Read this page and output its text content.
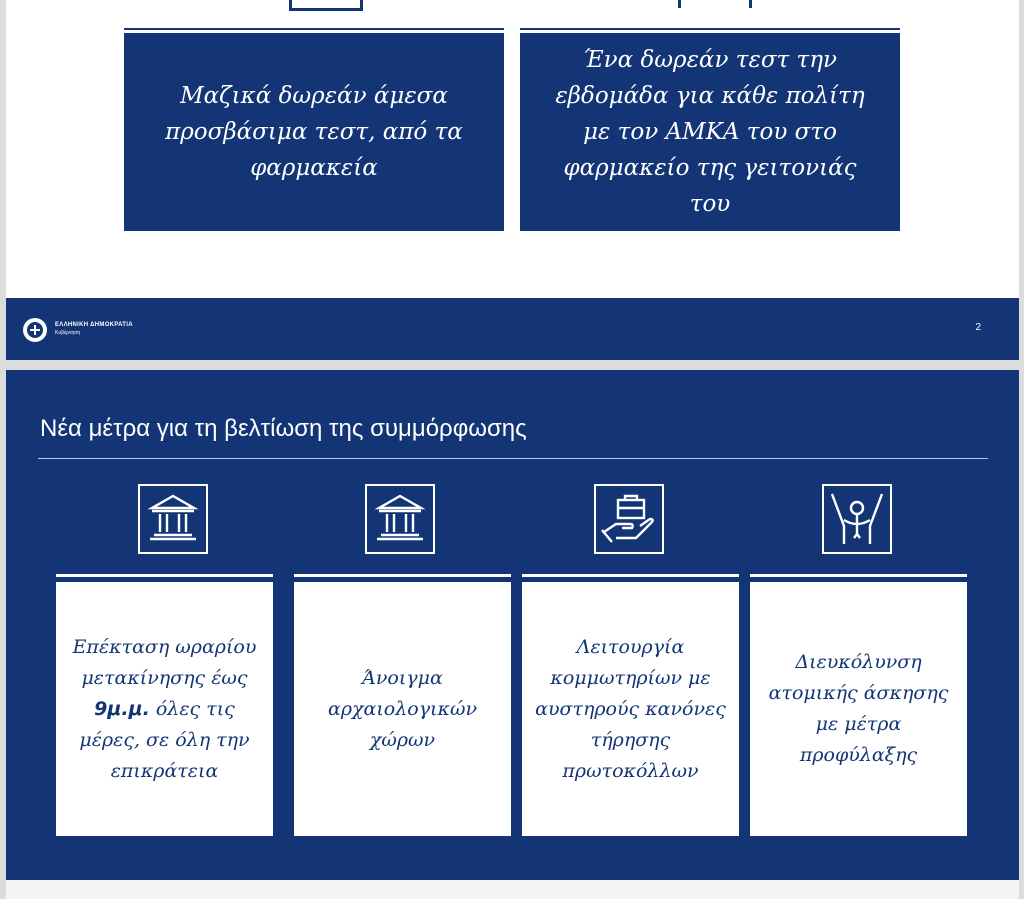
Μαζικά δωρεάν άμεσα προσβάσιμα τεστ, από τα φαρμακεία
Ένα δωρεάν τεστ την εβδομάδα για κάθε πολίτη με τον ΑΜΚΑ του στο φαρμακείο της γειτονιάς του
ΕΛΛΗΝΙΚΗ ΔΗΜΟΚΡΑΤΙΑ
Κυβέρνηση	2
Νέα μέτρα για τη βελτίωση της συμμόρφωσης
Επέκταση ωραρίου μετακίνησης έως 9μ.μ. όλες τις μέρες, σε όλη την επικράτεια
Άνοιγμα αρχαιολογικών χώρων
Λειτουργία κομμωτηρίων με αυστηρούς κανόνες τήρησης πρωτοκόλλων
Διευκόλυνση ατομικής άσκησης με μέτρα προφύλαξης
